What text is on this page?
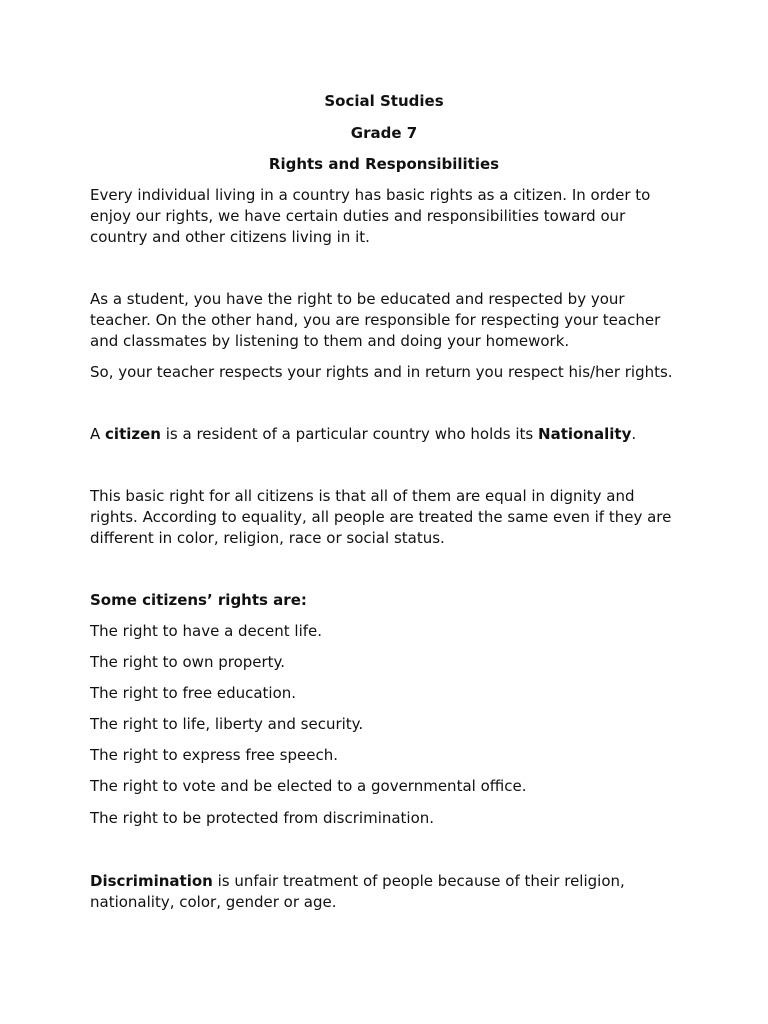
Social Studies
Grade 7
Rights and Responsibilities
Every individual living in a country has basic rights as a citizen. In order to
enjoy our rights, we have certain duties and responsibilities toward our
country and other citizens living in it.
As a student, you have the right to be educated and respected by your
teacher. On the other hand, you are responsible for respecting your teacher
and classmates by listening to them and doing your homework.
So, your teacher respects your rights and in return you respect his/her rights.
A citizen is a resident of a particular country who holds its Nationality.
This basic right for all citizens is that all of them are equal in dignity and
rights. According to equality, all people are treated the same even if they are
different in color, religion, race or social status.
Some citizens’ rights are:
The right to have a decent life.
The right to own property.
The right to free education.
The right to life, liberty and security.
The right to express free speech.
The right to vote and be elected to a governmental office.
The right to be protected from discrimination.
Discrimination is unfair treatment of people because of their religion,
nationality, color, gender or age.
